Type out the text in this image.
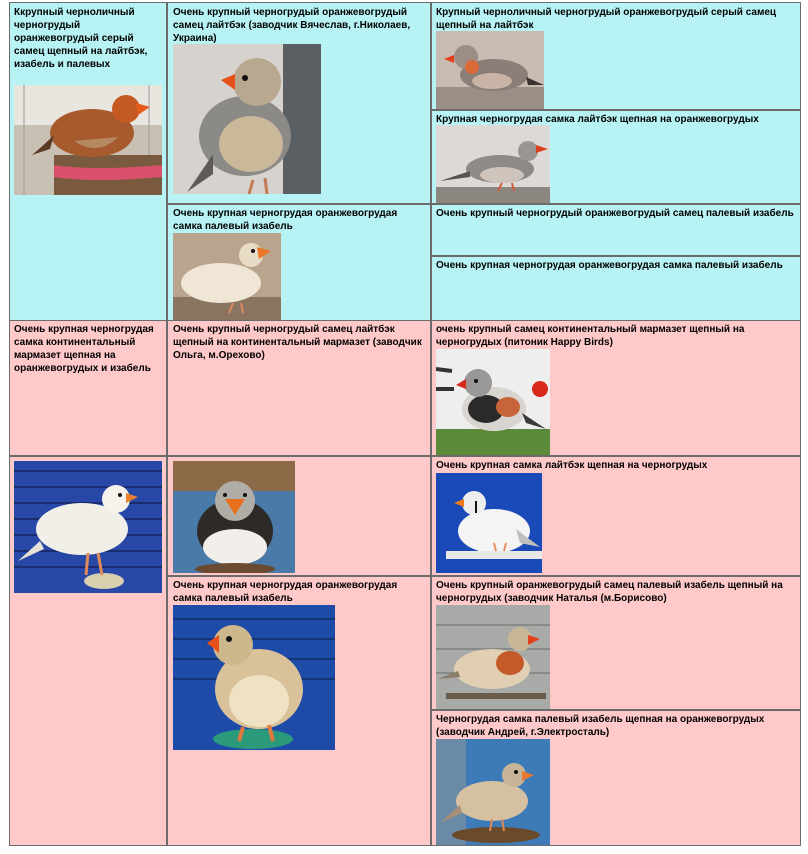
Ккрупный черноличный черногрудый оранжевогрудый серый самец щепный на лайтбэк, изабель и палевых

Очень крупный черногрудый оранжевогрудый самец лайтбэк (заводчик Вячеслав, г.Николаев, Украина)

Крупный черноличный черногрудый оранжевогрудый серый самец щепный на лайтбэк

Крупная черногрудая самка лайтбэк щепная на оранжевогрудых

Очень крупная черногрудая оранжевогрудая самка палевый изабель

Очень крупный черногрудый оранжевогрудый самец палевый изабель

Очень крупная черногрудая оранжевогрудая самка палевый изабель

Очень крупная черногрудая самка континентальный мармазет щепная на оранжевогрудых и изабель

Очень крупный черногрудый самец лайтбэк щепный на континентальный мармазет (заводчик Ольга, м.Орехово)

очень крупный самец континентальный мармазет щепный на черногрудых (питоник Happy Birds)

Очень крупная самка лайтбэк щепная на черногрудых

Очень крупная черногрудая оранжевогрудая самка палевый изабель

Очень крупный оранжевогрудый самец палевый изабель щепный на черногрудых (заводчик Наталья (м.Борисово)

Черногрудая самка палевый изабель щепная на оранжевогрудых (заводчик Андрей, г.Электросталь)
